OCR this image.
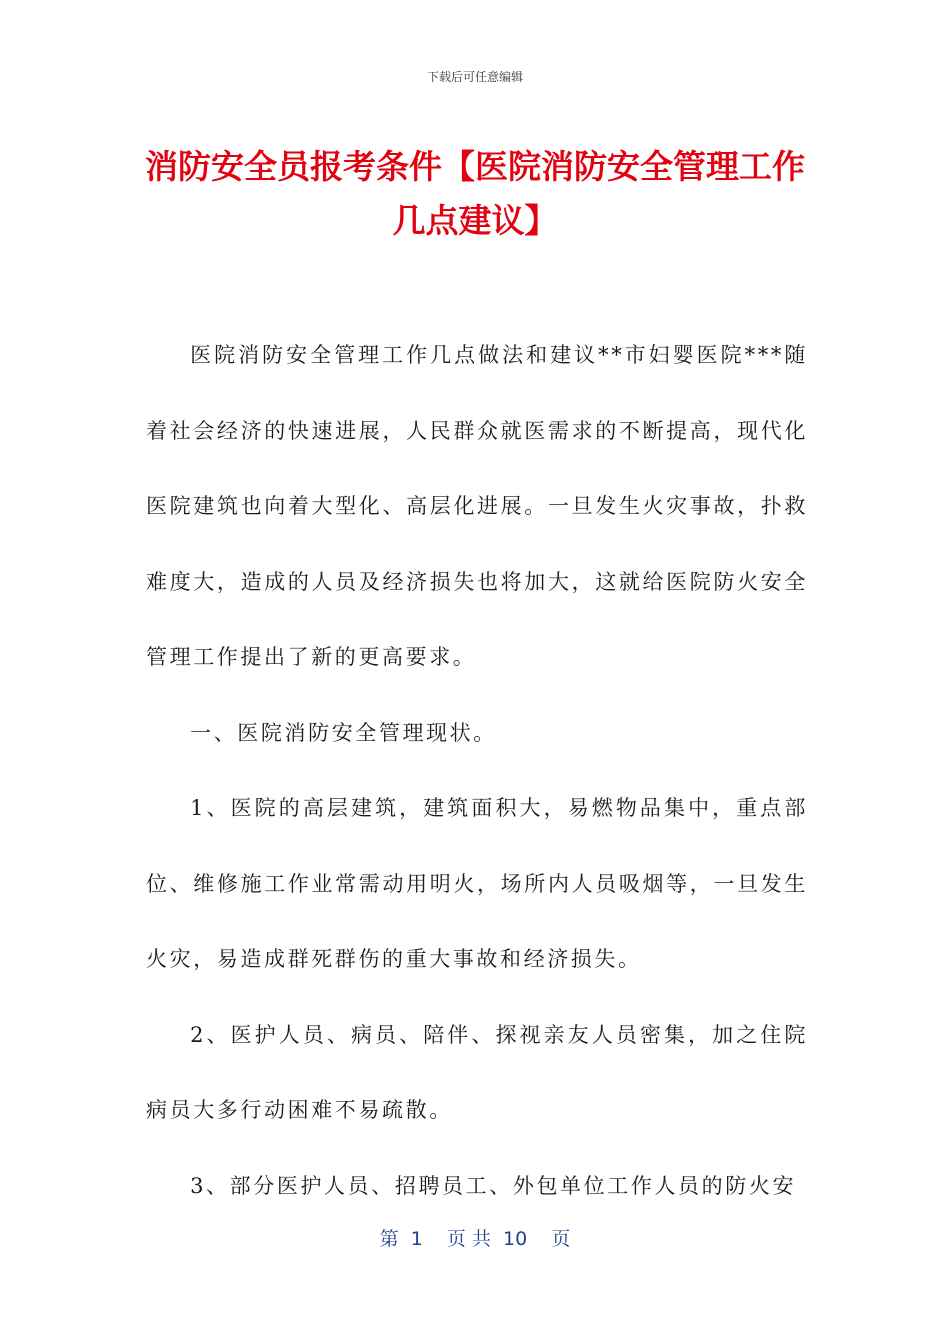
下载后可任意编辑
消防安全员报考条件【医院消防安全管理工作几点建议】

医院消防安全管理工作几点做法和建议**市妇婴医院***随着社会经济的快速进展，人民群众就医需求的不断提高，现代化医院建筑也向着大型化、高层化进展。一旦发生火灾事故，扑救难度大，造成的人员及经济损失也将加大，这就给医院防火安全管理工作提出了新的更高要求。

一、医院消防安全管理现状。

1、医院的高层建筑，建筑面积大，易燃物品集中，重点部位、维修施工作业常需动用明火，场所内人员吸烟等，一旦发生火灾，易造成群死群伤的重大事故和经济损失。

2、医护人员、病员、陪伴、探视亲友人员密集，加之住院病员大多行动困难不易疏散。

3、部分医护人员、招聘员工、外包单位工作人员的防火安

第  1    页 共  10    页
